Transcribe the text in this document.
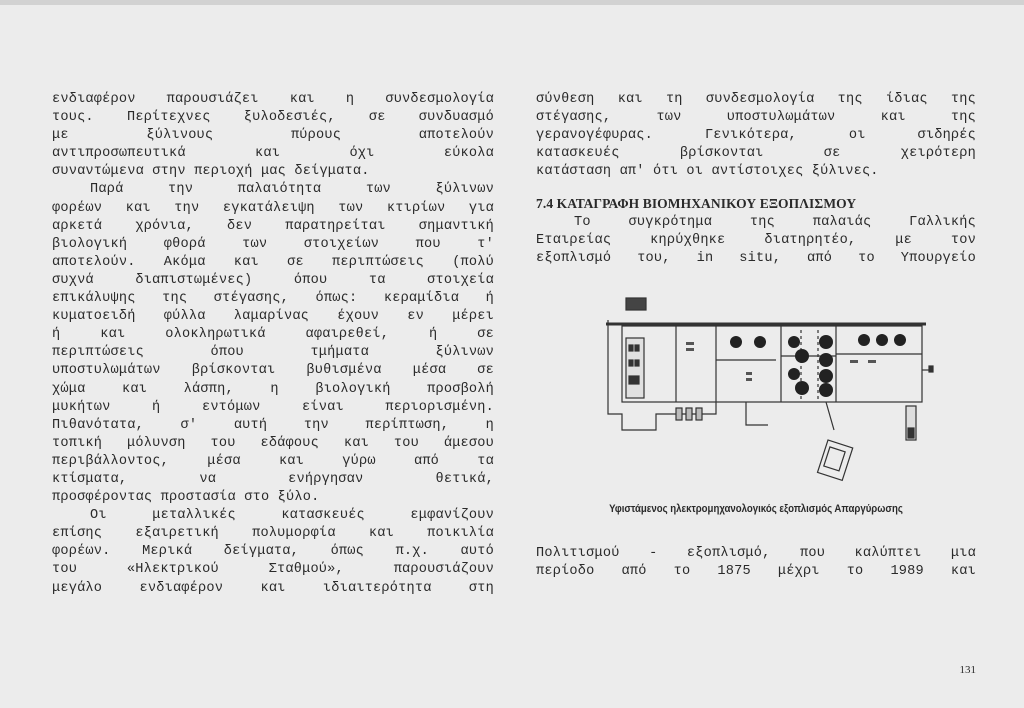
ενδιαφέρον παρουσιάζει και η συνδεσμολογία
τους. Περίτεχνες ξυλοδεσιές, σε συνδυασμό
με ξύλινους πύρους αποτελούν
αντιπροσωπευτικά και όχι εύκολα
συναντώμενα στην περιοχή μας δείγματα.
Παρά την παλαιότητα των ξύλινων
φορέων και την εγκατάλειψη των κτιρίων για
αρκετά χρόνια, δεν παρατηρείται σημαντική
βιολογική φθορά των στοιχείων που τ'
αποτελούν. Ακόμα και σε περιπτώσεις (πολύ
συχνά διαπιστωμένες) όπου τα στοιχεία
επικάλυψης της στέγασης, όπως: κεραμίδια ή
κυματοειδή φύλλα λαμαρίνας έχουν εν μέρει
ή και ολοκληρωτικά αφαιρεθεί, ή σε
περιπτώσεις όπου τμήματα ξύλινων
υποστυλωμάτων βρίσκονται βυθισμένα μέσα σε
χώμα και λάσπη, η βιολογική προσβολή
μυκήτων ή εντόμων είναι περιορισμένη.
Πιθανότατα, σ' αυτή την περίπτωση, η
τοπική μόλυνση του εδάφους και του άμεσου
περιβάλλοντος, μέσα και γύρω από τα
κτίσματα, να ενήργησαν θετικά,
προσφέροντας προστασία στο ξύλο.
Οι μεταλλικές κατασκευές εμφανίζουν
επίσης εξαιρετική πολυμορφία και ποικιλία
φορέων. Μερικά δείγματα, όπως π.χ. αυτό
του «Ηλεκτρικού Σταθμού», παρουσιάζουν
μεγάλο ενδιαφέρον και ιδιαιτερότητα στη
σύνθεση και τη συνδεσμολογία της ίδιας της
στέγασης, των υποστυλωμάτων και της
γερανογέφυρας. Γενικότερα, οι σιδηρές
κατασκευές βρίσκονται σε χειρότερη
κατάσταση απ' ότι οι αντίστοιχες ξύλινες.
7.4 ΚΑΤΑΓΡΑΦΗ ΒΙΟΜΗΧΑΝΙΚΟΥ ΕΞΟΠΛΙΣΜΟΥ
Το συγκρότημα της παλαιάς Γαλλικής
Εταιρείας κηρύχθηκε διατηρητέο, με τον
εξοπλισμό του, in situ, από το Υπουργείο
Υφιστάμενος ηλεκτρομηχανολογικός εξοπλισμός Απαργύρωσης
Πολιτισμού - εξοπλισμό, που καλύπτει μια
περίοδο από το 1875 μέχρι το 1989 και
131
